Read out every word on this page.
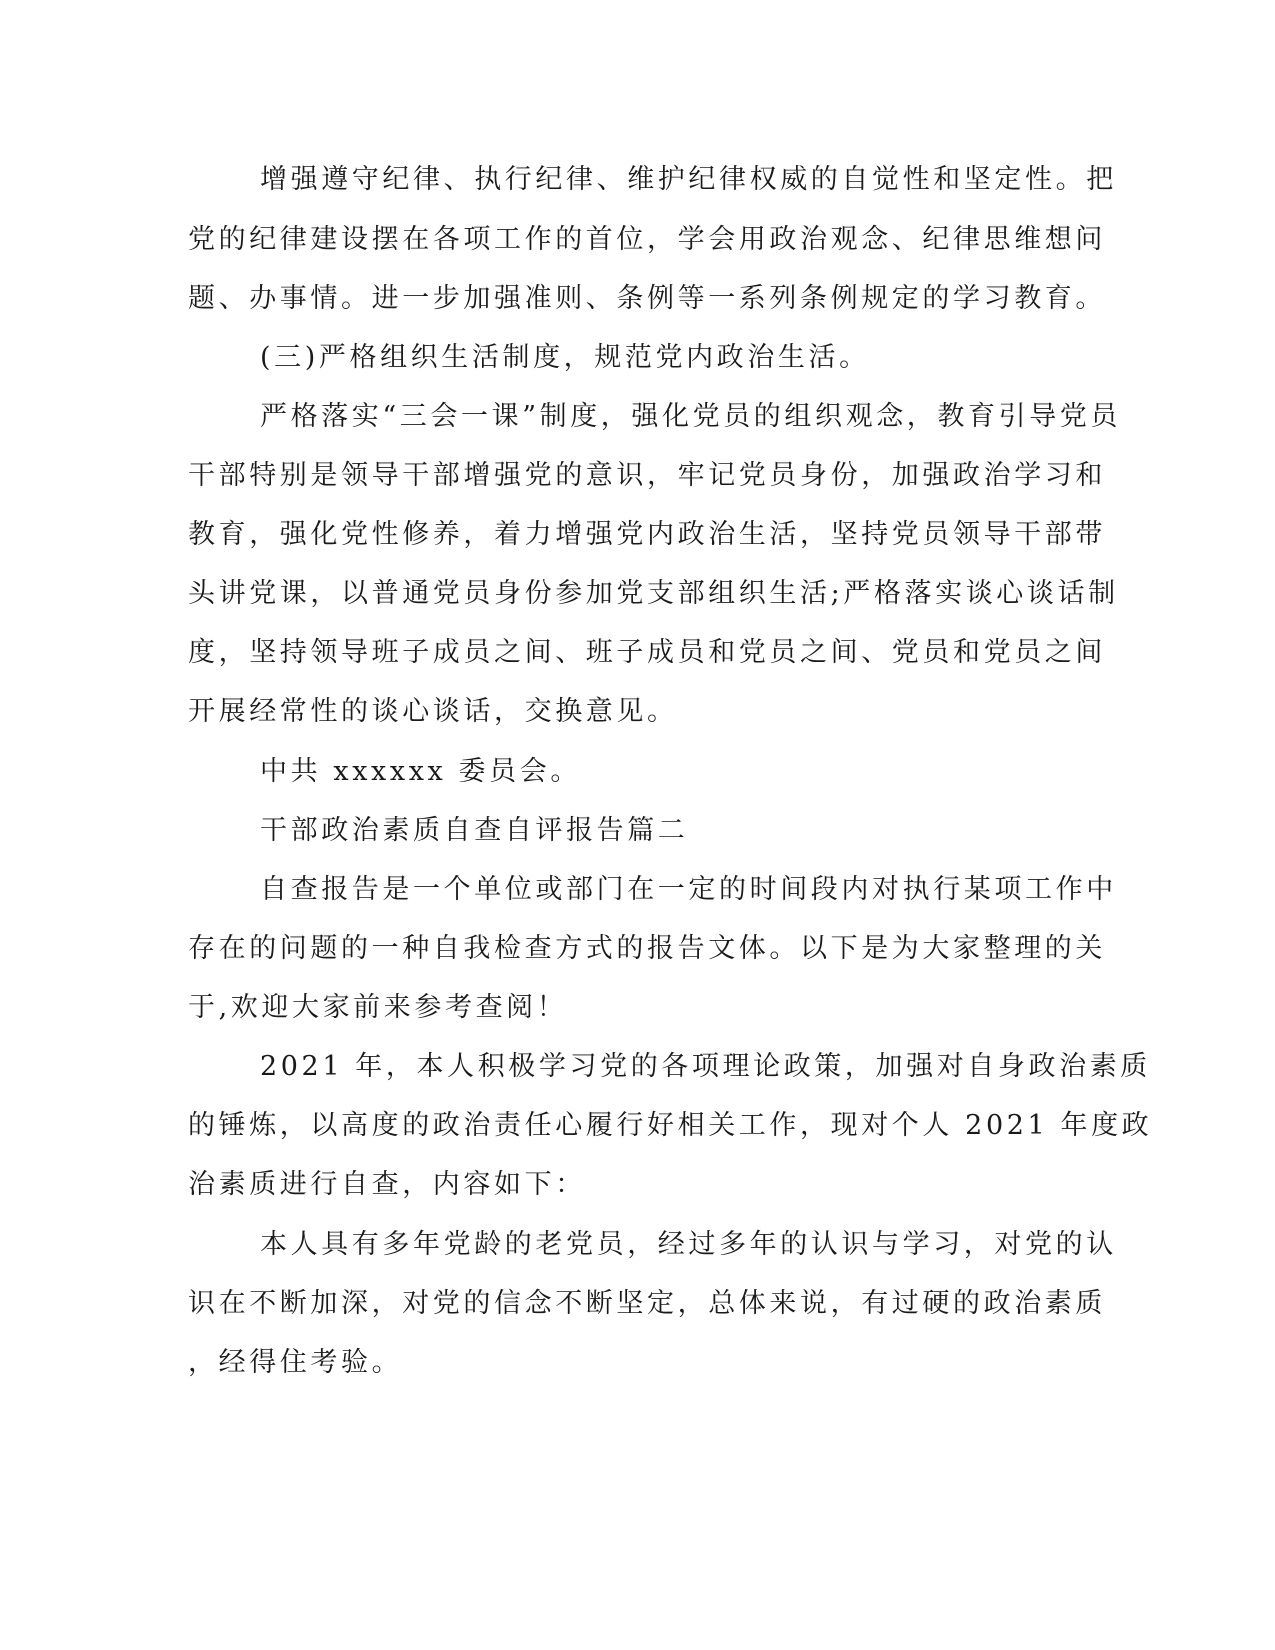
增强遵守纪律、执行纪律、维护纪律权威的自觉性和坚定性。把
党的纪律建设摆在各项工作的首位，学会用政治观念、纪律思维想问
题、办事情。进一步加强准则、条例等一系列条例规定的学习教育。
(三)严格组织生活制度，规范党内政治生活。
严格落实“三会一课”制度，强化党员的组织观念，教育引导党员
干部特别是领导干部增强党的意识，牢记党员身份，加强政治学习和
教育，强化党性修养，着力增强党内政治生活，坚持党员领导干部带
头讲党课，以普通党员身份参加党支部组织生活;严格落实谈心谈话制
度，坚持领导班子成员之间、班子成员和党员之间、党员和党员之间
开展经常性的谈心谈话，交换意见。
中共 xxxxxx 委员会。
干部政治素质自查自评报告篇二
自查报告是一个单位或部门在一定的时间段内对执行某项工作中
存在的问题的一种自我检查方式的报告文体。以下是为大家整理的关
于,欢迎大家前来参考查阅！
2021 年，本人积极学习党的各项理论政策，加强对自身政治素质
的锤炼，以高度的政治责任心履行好相关工作，现对个人 2021 年度政
治素质进行自查，内容如下：
本人具有多年党龄的老党员，经过多年的认识与学习，对党的认
识在不断加深，对党的信念不断坚定，总体来说，有过硬的政治素质
，经得住考验。
